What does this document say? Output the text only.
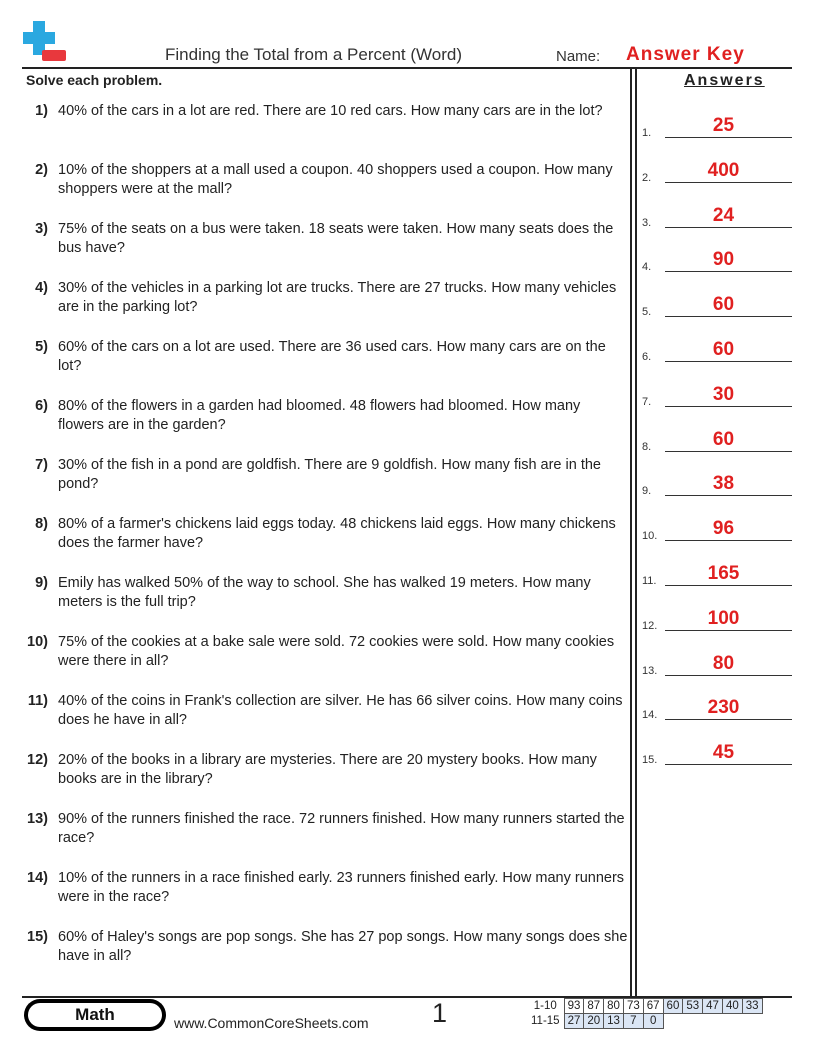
Finding the Total from a Percent (Word)	Name: Answer Key
Solve each problem.	Answers
1) 40% of the cars in a lot are red. There are 10 red cars. How many cars are in the lot?
2) 10% of the shoppers at a mall used a coupon. 40 shoppers used a coupon. How many shoppers were at the mall?
3) 75% of the seats on a bus were taken. 18 seats were taken. How many seats does the bus have?
4) 30% of the vehicles in a parking lot are trucks. There are 27 trucks. How many vehicles are in the parking lot?
5) 60% of the cars on a lot are used. There are 36 used cars. How many cars are on the lot?
6) 80% of the flowers in a garden had bloomed. 48 flowers had bloomed. How many flowers are in the garden?
7) 30% of the fish in a pond are goldfish. There are 9 goldfish. How many fish are in the pond?
8) 80% of a farmer's chickens laid eggs today. 48 chickens laid eggs. How many chickens does the farmer have?
9) Emily has walked 50% of the way to school. She has walked 19 meters. How many meters is the full trip?
10) 75% of the cookies at a bake sale were sold. 72 cookies were sold. How many cookies were there in all?
11) 40% of the coins in Frank's collection are silver. He has 66 silver coins. How many coins does he have in all?
12) 20% of the books in a library are mysteries. There are 20 mystery books. How many books are in the library?
13) 90% of the runners finished the race. 72 runners finished. How many runners started the race?
14) 10% of the runners in a race finished early. 23 runners finished early. How many runners were in the race?
15) 60% of Haley's songs are pop songs. She has 27 pop songs. How many songs does she have in all?
1.	25
2.	400
3.	24
4.	90
5.	60
6.	60
7.	30
8.	60
9.	38
10.	96
11.	165
12.	100
13.	80
14.	230
15.	45
Math	www.CommonCoreSheets.com 1	1-10	93	87	80	73	67	60	53	47	40	33
11-15	27	20	13	7	0					
